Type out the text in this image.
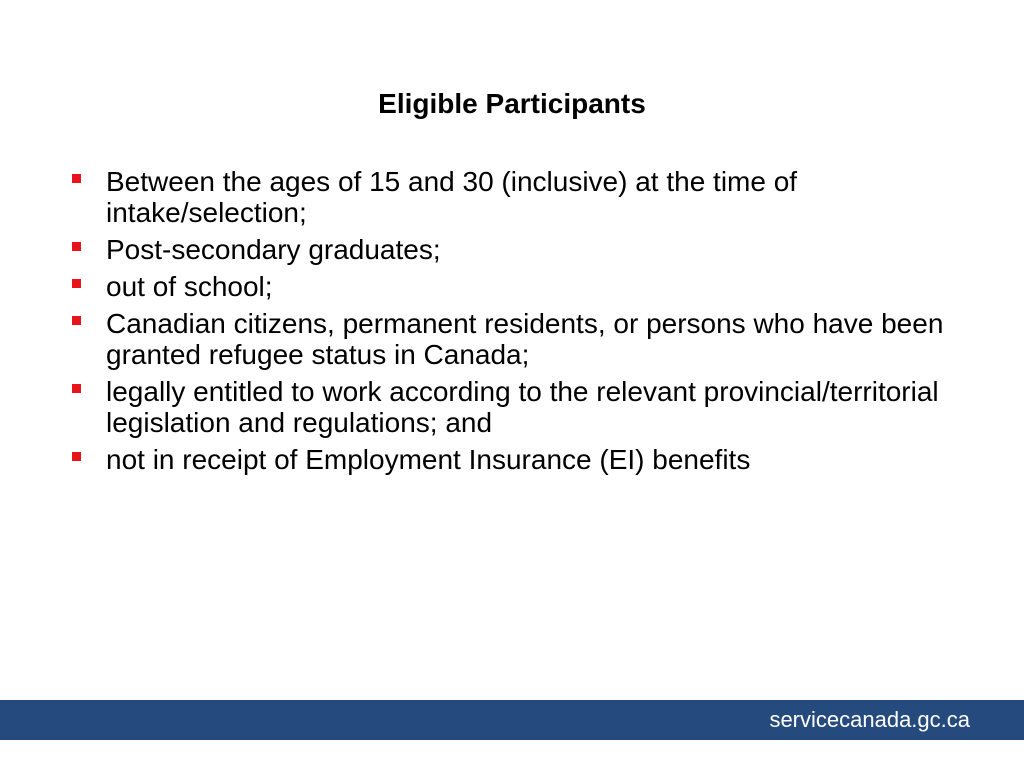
Eligible Participants
Between the ages of 15 and 30 (inclusive) at the time of intake/selection;
Post-secondary graduates;
out of school;
Canadian citizens, permanent residents, or persons who have been granted refugee status in Canada;
legally entitled to work according to the relevant provincial/territorial legislation and regulations; and
not in receipt of Employment Insurance (EI) benefits
servicecanada.gc.ca
